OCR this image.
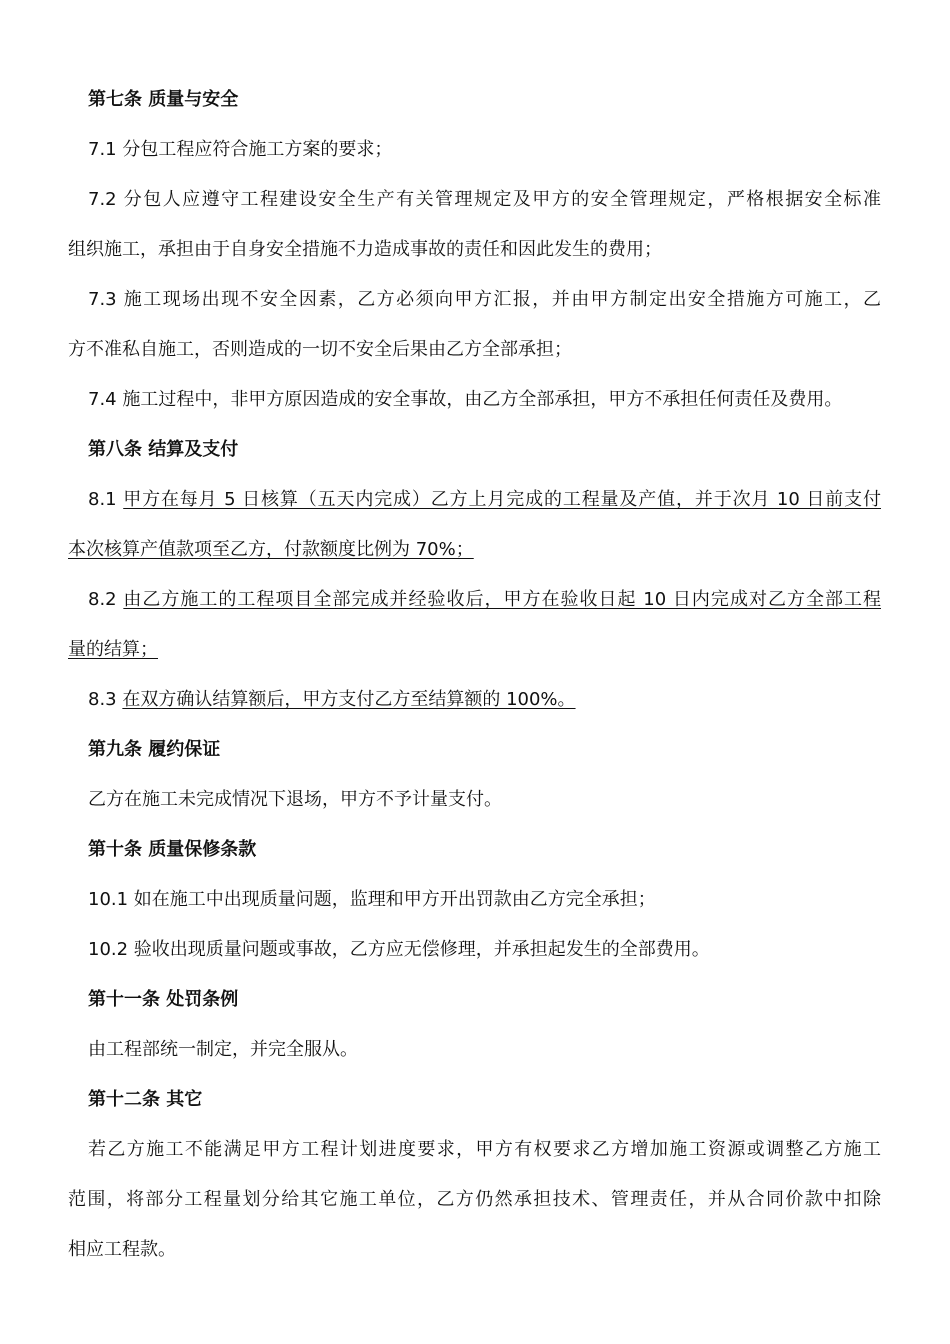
第七条 质量与安全
7.1 分包工程应符合施工方案的要求；
7.2 分包人应遵守工程建设安全生产有关管理规定及甲方的安全管理规定，严格根据安全标准
组织施工，承担由于自身安全措施不力造成事故的责任和因此发生的费用；
7.3 施工现场出现不安全因素，乙方必须向甲方汇报，并由甲方制定出安全措施方可施工，乙
方不准私自施工，否则造成的一切不安全后果由乙方全部承担；
7.4 施工过程中，非甲方原因造成的安全事故，由乙方全部承担，甲方不承担任何责任及费用。
第八条 结算及支付
8.1 甲方在每月 5 日核算（五天内完成）乙方上月完成的工程量及产值，并于次月 10 日前支付
本次核算产值款项至乙方，付款额度比例为 70%；
8.2 由乙方施工的工程项目全部完成并经验收后，甲方在验收日起 10 日内完成对乙方全部工程
量的结算；
8.3 在双方确认结算额后，甲方支付乙方至结算额的 100%。
第九条 履约保证
乙方在施工未完成情况下退场，甲方不予计量支付。
第十条 质量保修条款
10.1 如在施工中出现质量问题，监理和甲方开出罚款由乙方完全承担；
10.2 验收出现质量问题或事故，乙方应无偿修理，并承担起发生的全部费用。
第十一条 处罚条例
由工程部统一制定，并完全服从。
第十二条 其它
若乙方施工不能满足甲方工程计划进度要求，甲方有权要求乙方增加施工资源或调整乙方施工
范围，将部分工程量划分给其它施工单位，乙方仍然承担技术、管理责任，并从合同价款中扣除
相应工程款。
